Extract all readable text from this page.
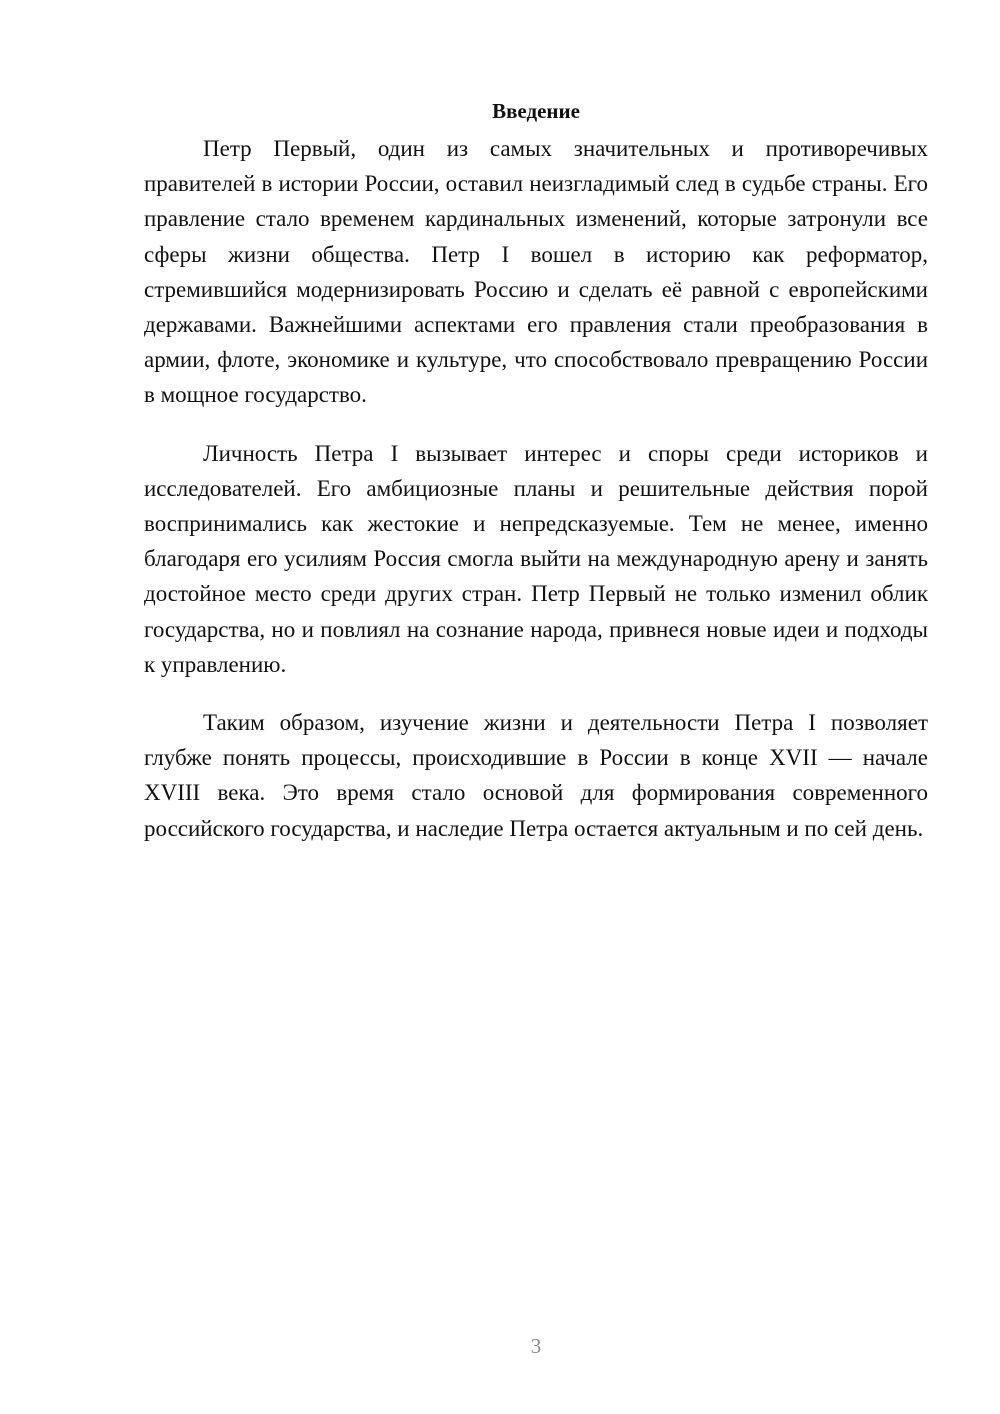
Введение

Петр Первый, один из самых значительных и противоречивых правителей в истории России, оставил неизгладимый след в судьбе страны. Его правление стало временем кардинальных изменений, которые затронули все сферы жизни общества. Петр I вошел в историю как реформатор, стремившийся модернизировать Россию и сделать её равной с европейскими державами. Важнейшими аспектами его правления стали преобразования в армии, флоте, экономике и культуре, что способствовало превращению России в мощное государство.

Личность Петра I вызывает интерес и споры среди историков и исследователей. Его амбициозные планы и решительные действия порой воспринимались как жестокие и непредсказуемые. Тем не менее, именно благодаря его усилиям Россия смогла выйти на международную арену и занять достойное место среди других стран. Петр Первый не только изменил облик государства, но и повлиял на сознание народа, привнеся новые идеи и подходы к управлению.

Таким образом, изучение жизни и деятельности Петра I позволяет глубже понять процессы, происходившие в России в конце XVII — начале XVIII века. Это время стало основой для формирования современного российского государства, и наследие Петра остается актуальным и по сей день.

3
